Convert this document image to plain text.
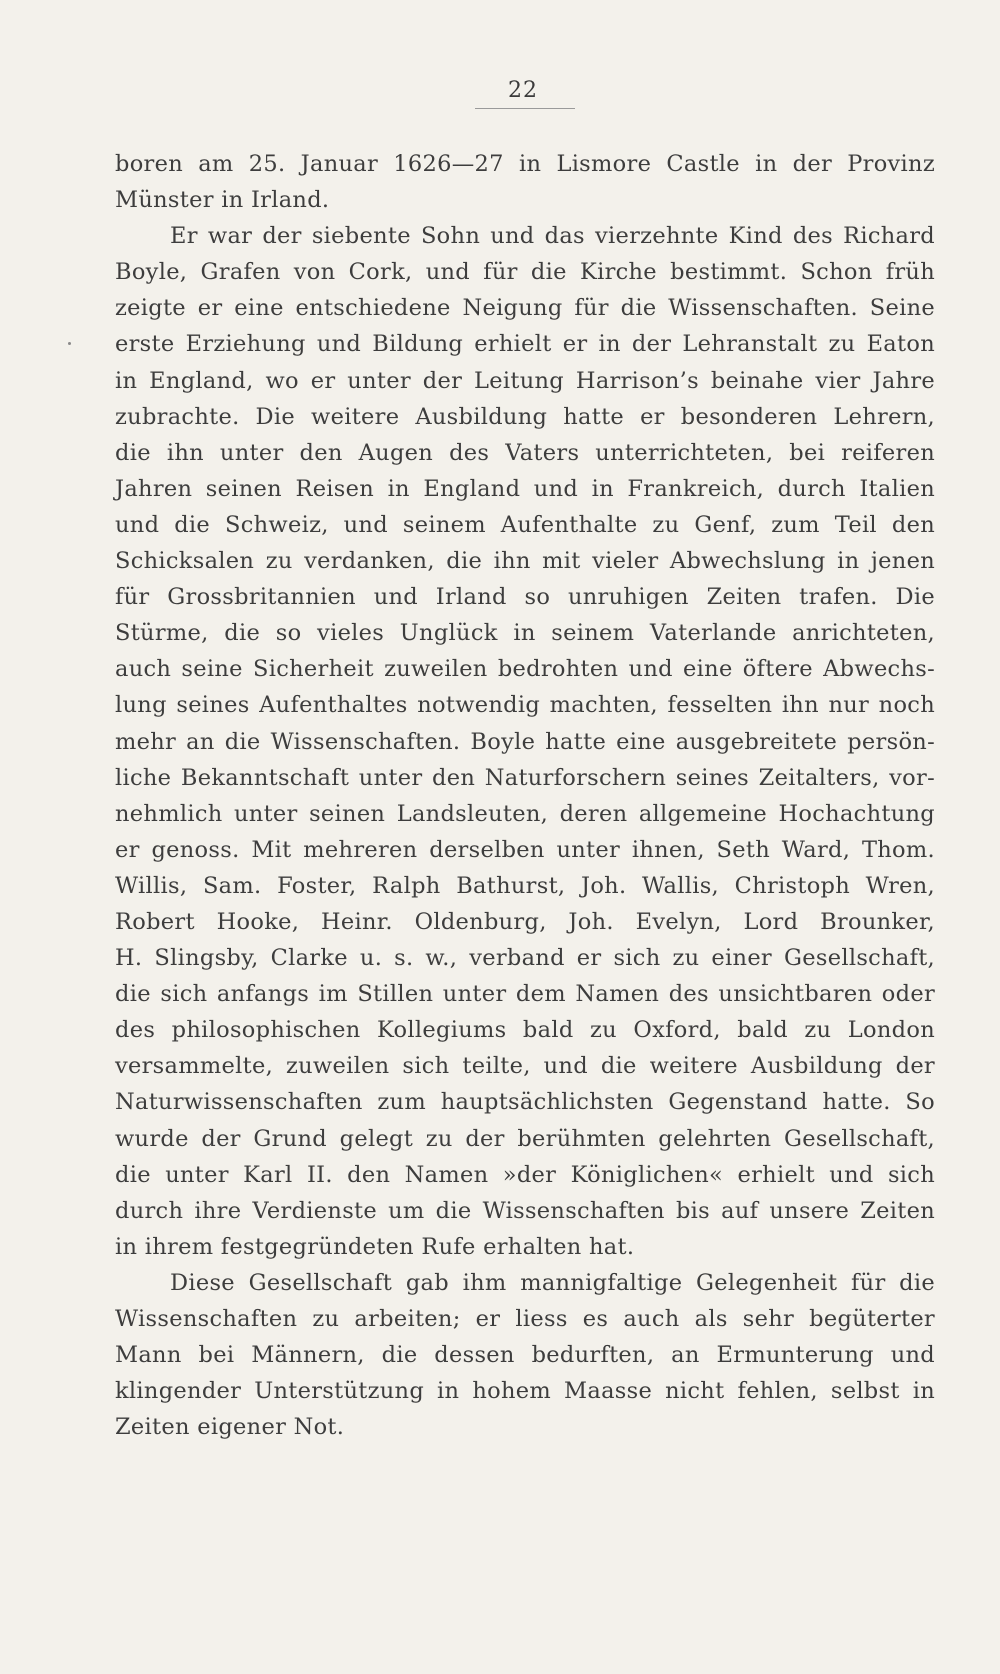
22
boren am 25. Januar 1626—27 in Lismore Castle in der Provinz
Münster in Irland.
Er war der siebente Sohn und das vierzehnte Kind des Richard
Boyle, Grafen von Cork, und für die Kirche bestimmt. Schon früh
zeigte er eine entschiedene Neigung für die Wissenschaften. Seine
erste Erziehung und Bildung erhielt er in der Lehranstalt zu Eaton
in England, wo er unter der Leitung Harrison’s beinahe vier Jahre
zubrachte. Die weitere Ausbildung hatte er besonderen Lehrern,
die ihn unter den Augen des Vaters unterrichteten, bei reiferen
Jahren seinen Reisen in England und in Frankreich, durch Italien
und die Schweiz, und seinem Aufenthalte zu Genf, zum Teil den
Schicksalen zu verdanken, die ihn mit vieler Abwechslung in jenen
für Grossbritannien und Irland so unruhigen Zeiten trafen. Die
Stürme, die so vieles Unglück in seinem Vaterlande anrichteten,
auch seine Sicherheit zuweilen bedrohten und eine öftere Abwechs-
lung seines Aufenthaltes notwendig machten, fesselten ihn nur noch
mehr an die Wissenschaften. Boyle hatte eine ausgebreitete persön-
liche Bekanntschaft unter den Naturforschern seines Zeitalters, vor-
nehmlich unter seinen Landsleuten, deren allgemeine Hochachtung
er genoss. Mit mehreren derselben unter ihnen, Seth Ward, Thom.
Willis, Sam. Foster, Ralph Bathurst, Joh. Wallis, Christoph Wren,
Robert Hooke, Heinr. Oldenburg, Joh. Evelyn, Lord Brounker,
H. Slingsby, Clarke u. s. w., verband er sich zu einer Gesellschaft,
die sich anfangs im Stillen unter dem Namen des unsichtbaren oder
des philosophischen Kollegiums bald zu Oxford, bald zu London
versammelte, zuweilen sich teilte, und die weitere Ausbildung der
Naturwissenschaften zum hauptsächlichsten Gegenstand hatte. So
wurde der Grund gelegt zu der berühmten gelehrten Gesellschaft,
die unter Karl II. den Namen »der Königlichen« erhielt und sich
durch ihre Verdienste um die Wissenschaften bis auf unsere Zeiten
in ihrem festgegründeten Rufe erhalten hat.
Diese Gesellschaft gab ihm mannigfaltige Gelegenheit für die
Wissenschaften zu arbeiten; er liess es auch als sehr begüterter
Mann bei Männern, die dessen bedurften, an Ermunterung und
klingender Unterstützung in hohem Maasse nicht fehlen, selbst in
Zeiten eigener Not.
